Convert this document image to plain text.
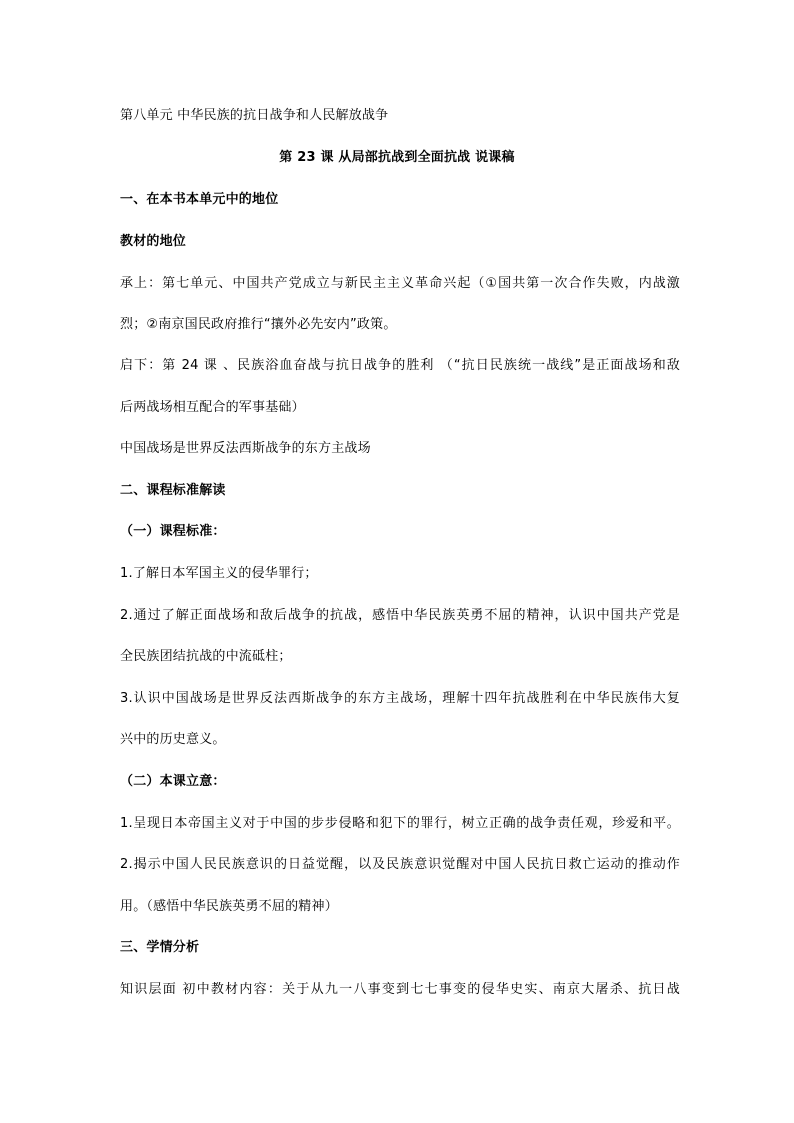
第八单元 中华民族的抗日战争和人民解放战争
第 23 课 从局部抗战到全面抗战 说课稿
一、在本书本单元中的地位
教材的地位
承上：第七单元、中国共产党成立与新民主主义革命兴起（①国共第一次合作失败，内战激
烈；②南京国民政府推行“攘外必先安内”政策。
启下：第 24 课 、民族浴血奋战与抗日战争的胜利 （“抗日民族统一战线”是正面战场和敌
后两战场相互配合的军事基础）
中国战场是世界反法西斯战争的东方主战场
二、课程标准解读
（一）课程标准：
1.了解日本军国主义的侵华罪行；
2.通过了解正面战场和敌后战争的抗战，感悟中华民族英勇不屈的精神，认识中国共产党是
全民族团结抗战的中流砥柱；
3.认识中国战场是世界反法西斯战争的东方主战场，理解十四年抗战胜利在中华民族伟大复
兴中的历史意义。
（二）本课立意：
1.呈现日本帝国主义对于中国的步步侵略和犯下的罪行，树立正确的战争责任观，珍爱和平。
2.揭示中国人民民族意识的日益觉醒，以及民族意识觉醒对中国人民抗日救亡运动的推动作
用。（感悟中华民族英勇不屈的精神）
三、学情分析
知识层面 初中教材内容：关于从九一八事变到七七事变的侵华史实、南京大屠杀、抗日战
